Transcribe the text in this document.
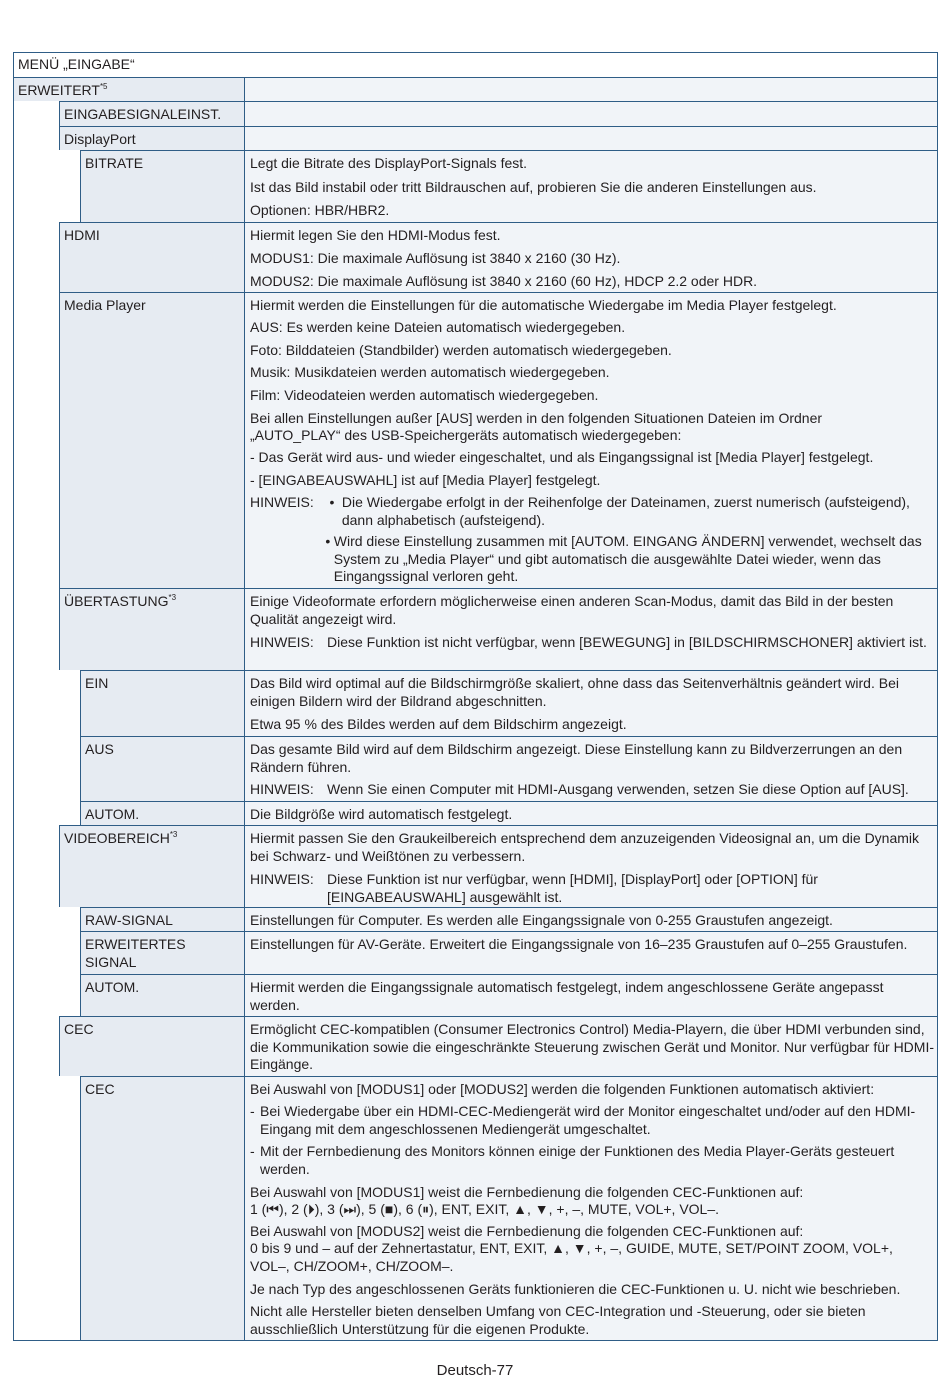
MENÜ „EINGABE“
ERWEITERT$^{*5}$
EINGABESIGNALEINST.
DisplayPort
Legt die Bitrate des DisplayPort-Signals fest.
Ist das Bild instabil oder tritt Bildrauschen auf, probieren Sie die anderen Einstellungen aus.
Optionen: HBR/HBR2.
BITRATE
Hiermit legen Sie den HDMI-Modus fest.
MODUS1: Die maximale Auflösung ist 3840 x 2160 (30 Hz).
MODUS2: Die maximale Auflösung ist 3840 x 2160 (60 Hz), HDCP 2.2 oder HDR.
HDMI
Hiermit werden die Einstellungen für die automatische Wiedergabe im Media Player festgelegt.
AUS: Es werden keine Dateien automatisch wiedergegeben.
Foto: Bilddateien (Standbilder) werden automatisch wiedergegeben.
Musik: Musikdateien werden automatisch wiedergegeben.
Film: Videodateien werden automatisch wiedergegeben.
Bei allen Einstellungen außer [AUS] werden in den folgenden Situationen Dateien im Ordner
„AUTO_PLAY“ des USB-Speichergeräts automatisch wiedergegeben:
- Das Gerät wird aus- und wieder eingeschaltet, und als Eingangssignal ist [Media Player] festgelegt.
- [EINGABEAUSWAHL] ist auf [Media Player] festgelegt.
HINWEIS:	• Die Wiedergabe erfolgt in der Reihenfolge der Dateinamen, zuerst numerisch (aufsteigend), dann alphabetisch (aufsteigend).
• Wird diese Einstellung zusammen mit [AUTOM. EINGANG ÄNDERN] verwendet, wechselt das System zu „Media Player“ und gibt automatisch die ausgewählte Datei wieder, wenn das Eingangssignal verloren geht.
Media Player
Einige Videoformate erfordern möglicherweise einen anderen Scan-Modus, damit das Bild in der besten Qualität angezeigt wird.
HINWEIS: Diese Funktion ist nicht verfügbar, wenn [BEWEGUNG] in [BILDSCHIRMSCHONER] aktiviert ist.
ÜBERTASTUNG$^{*3}$
Das Bild wird optimal auf die Bildschirmgröße skaliert, ohne dass das Seitenverhältnis geändert wird. Bei einigen Bildern wird der Bildrand abgeschnitten.
Etwa 95 % des Bildes werden auf dem Bildschirm angezeigt.
EIN
Das gesamte Bild wird auf dem Bildschirm angezeigt. Diese Einstellung kann zu Bildverzerrungen an den Rändern führen.
HINWEIS: Wenn Sie einen Computer mit HDMI-Ausgang verwenden, setzen Sie diese Option auf [AUS].
AUS
Die Bildgröße wird automatisch festgelegt.
AUTOM.
Hiermit passen Sie den Graukeilbereich entsprechend dem anzuzeigenden Videosignal an, um die Dynamik bei Schwarz- und Weißtönen zu verbessern.
HINWEIS: Diese Funktion ist nur verfügbar, wenn [HDMI], [DisplayPort] oder [OPTION] für [EINGABEAUSWAHL] ausgewählt ist.
VIDEOBEREICH$^{*3}$
Einstellungen für Computer. Es werden alle Eingangssignale von 0-255 Graustufen angezeigt.
RAW-SIGNAL
Einstellungen für AV-Geräte. Erweitert die Eingangssignale von 16–235 Graustufen auf 0–255 Graustufen.
ERWEITERTES
SIGNAL
Hiermit werden die Eingangssignale automatisch festgelegt, indem angeschlossene Geräte angepasst werden.
AUTOM.
Ermöglicht CEC-kompatiblen (Consumer Electronics Control) Media-Playern, die über HDMI verbunden sind, die Kommunikation sowie die eingeschränkte Steuerung zwischen Gerät und Monitor. Nur verfügbar für HDMI-Eingänge.
CEC
Bei Auswahl von [MODUS1] oder [MODUS2] werden die folgenden Funktionen automatisch aktiviert:
- Bei Wiedergabe über ein HDMI-CEC-Mediengerät wird der Monitor eingeschaltet und/oder auf den HDMI-Eingang mit dem angeschlossenen Mediengerät umgeschaltet.
- Mit der Fernbedienung des Monitors können einige der Funktionen des Media Player-Geräts gesteuert werden.
Bei Auswahl von [MODUS1] weist die Fernbedienung die folgenden CEC-Funktionen auf:
1 (⏮), 2 (⏵), 3 (⏭), 5 (■), 6 (⏸), ENT, EXIT, ▲, ▼, +, –, MUTE, VOL+, VOL–.
Bei Auswahl von [MODUS2] weist die Fernbedienung die folgenden CEC-Funktionen auf:
0 bis 9 und – auf der Zehnertastatur, ENT, EXIT, ▲, ▼, +, –, GUIDE, MUTE, SET/POINT ZOOM, VOL+, VOL–, CH/ZOOM+, CH/ZOOM–.
Je nach Typ des angeschlossenen Geräts funktionieren die CEC-Funktionen u. U. nicht wie beschrieben.
Nicht alle Hersteller bieten denselben Umfang von CEC-Integration und -Steuerung, oder sie bieten ausschließlich Unterstützung für die eigenen Produkte.
CEC
Deutsch-77
